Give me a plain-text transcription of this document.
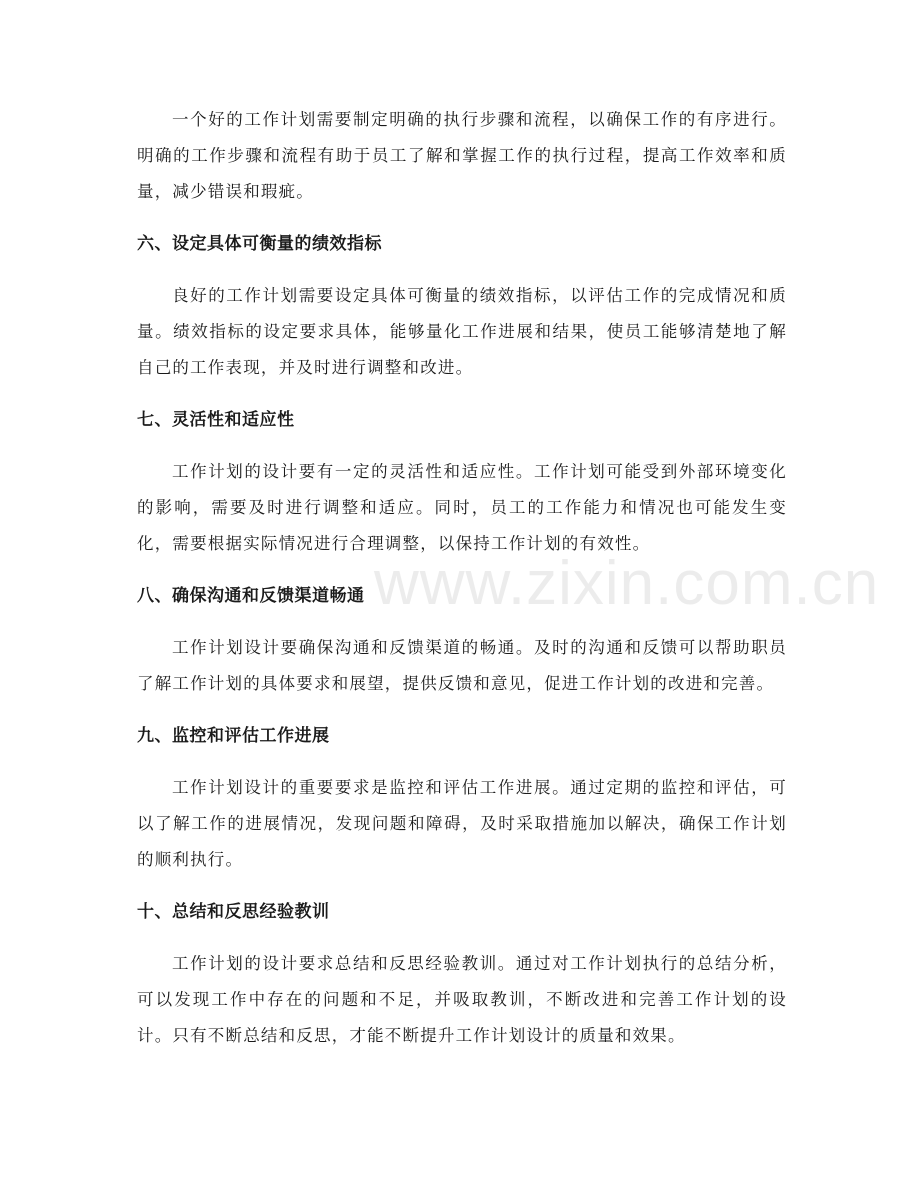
一个好的工作计划需要制定明确的执行步骤和流程，以确保工作的有序进行。明确的工作步骤和流程有助于员工了解和掌握工作的执行过程，提高工作效率和质量，减少错误和瑕疵。

六、设定具体可衡量的绩效指标

良好的工作计划需要设定具体可衡量的绩效指标，以评估工作的完成情况和质量。绩效指标的设定要求具体，能够量化工作进展和结果，使员工能够清楚地了解自己的工作表现，并及时进行调整和改进。

七、灵活性和适应性

工作计划的设计要有一定的灵活性和适应性。工作计划可能受到外部环境变化的影响，需要及时进行调整和适应。同时，员工的工作能力和情况也可能发生变化，需要根据实际情况进行合理调整，以保持工作计划的有效性。

八、确保沟通和反馈渠道畅通

工作计划设计要确保沟通和反馈渠道的畅通。及时的沟通和反馈可以帮助职员了解工作计划的具体要求和展望，提供反馈和意见，促进工作计划的改进和完善。

九、监控和评估工作进展

工作计划设计的重要要求是监控和评估工作进展。通过定期的监控和评估，可以了解工作的进展情况，发现问题和障碍，及时采取措施加以解决，确保工作计划的顺利执行。

十、总结和反思经验教训

工作计划的设计要求总结和反思经验教训。通过对工作计划执行的总结分析，可以发现工作中存在的问题和不足，并吸取教训，不断改进和完善工作计划的设计。只有不断总结和反思，才能不断提升工作计划设计的质量和效果。

www.zixin.com.cn
